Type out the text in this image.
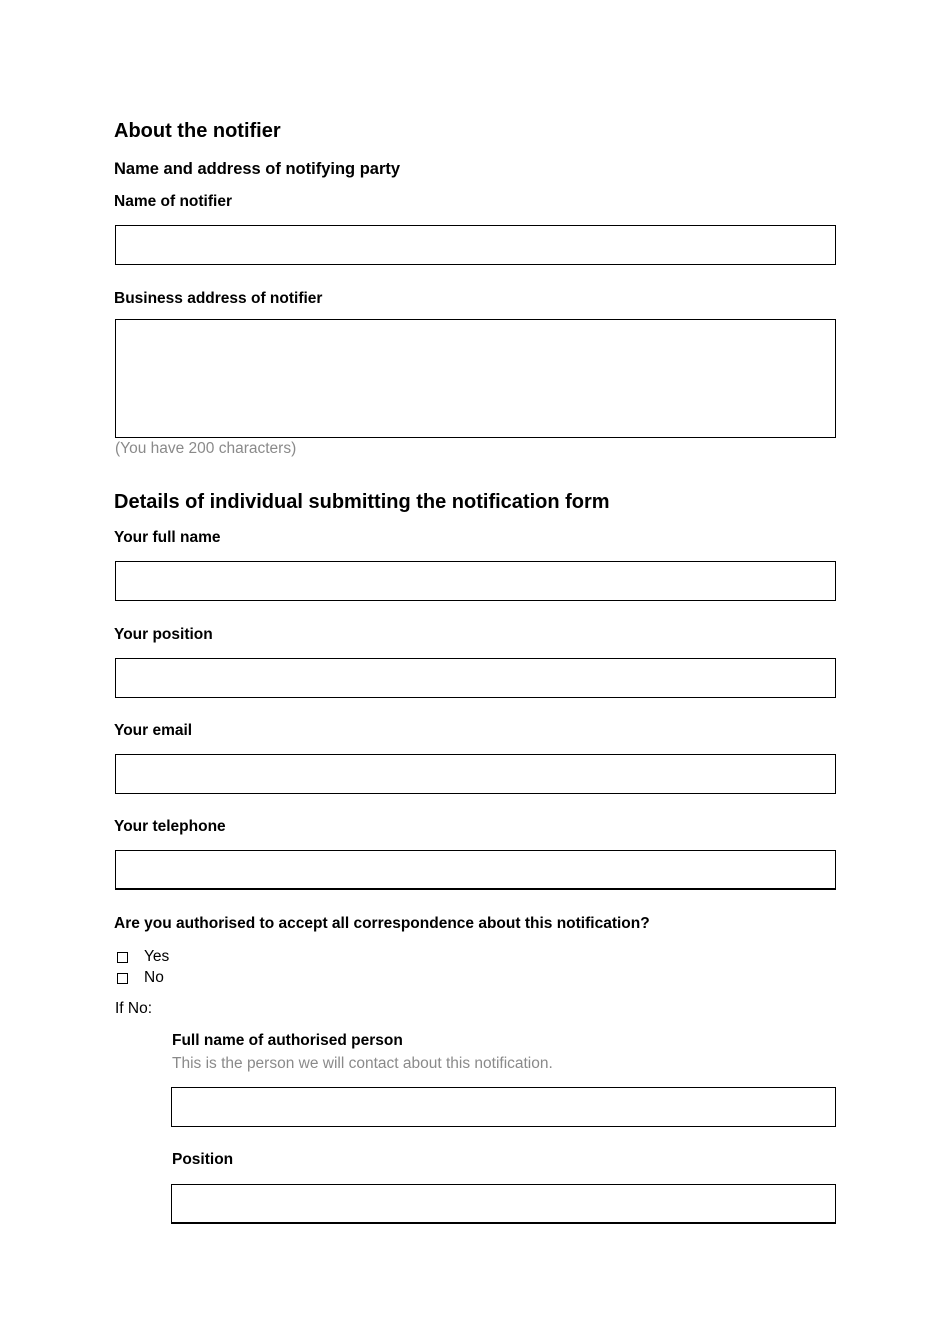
About the notifier
Name and address of notifying party
Name of notifier
Business address of notifier
(You have 200 characters)
Details of individual submitting the notification form
Your full name
Your position
Your email
Your telephone
Are you authorised to accept all correspondence about this notification?
Yes
No
If No:
Full name of authorised person
This is the person we will contact about this notification.
Position
